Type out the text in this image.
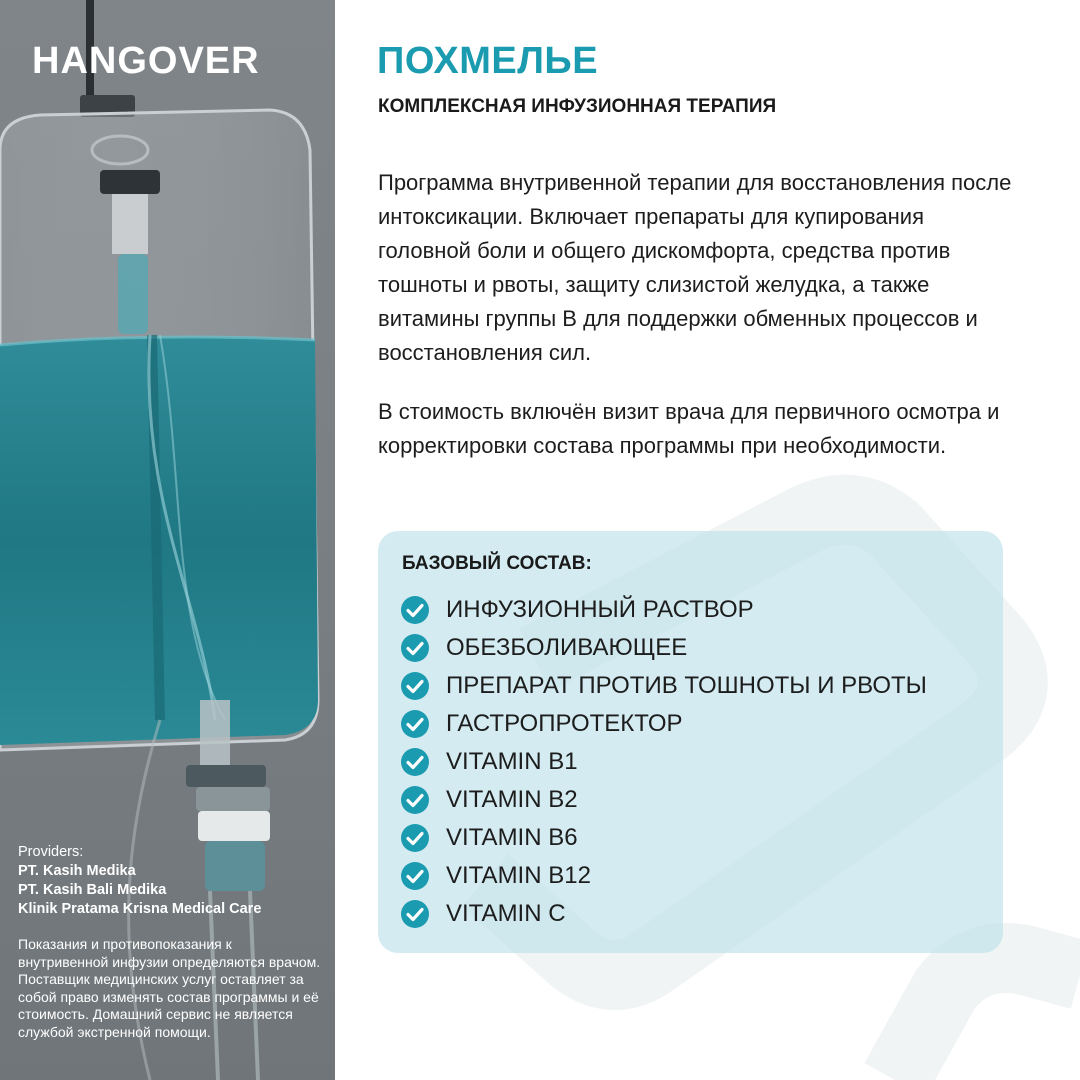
HANGOVER
Providers:
PT. Kasih Medika
PT. Kasih Bali Medika
Klinik Pratama Krisna Medical Care
Показания и противопоказания к внутривенной инфузии определяются врачом. Поставщик медицинских услуг оставляет за собой право изменять состав программы и её стоимость. Домашний сервис не является службой экстренной помощи.
ПОХМЕЛЬЕ
КОМПЛЕКСНАЯ ИНФУЗИОННАЯ ТЕРАПИЯ

Программа внутривенной терапии для восстановления после интоксикации. Включает препараты для купирования головной боли и общего дискомфорта, средства против тошноты и рвоты, защиту слизистой желудка, а также витамины группы B для поддержки обменных процессов и восстановления сил.

В стоимость включён визит врача для первичного осмотра и корректировки состава программы при необходимости.

БАЗОВЫЙ СОСТАВ:
ИНФУЗИОННЫЙ РАСТВОР
ОБЕЗБОЛИВАЮЩЕЕ
ПРЕПАРАТ ПРОТИВ ТОШНОТЫ И РВОТЫ
ГАСТРОПРОТЕКТОР
VITAMIN B1
VITAMIN B2
VITAMIN B6
VITAMIN B12
VITAMIN C
